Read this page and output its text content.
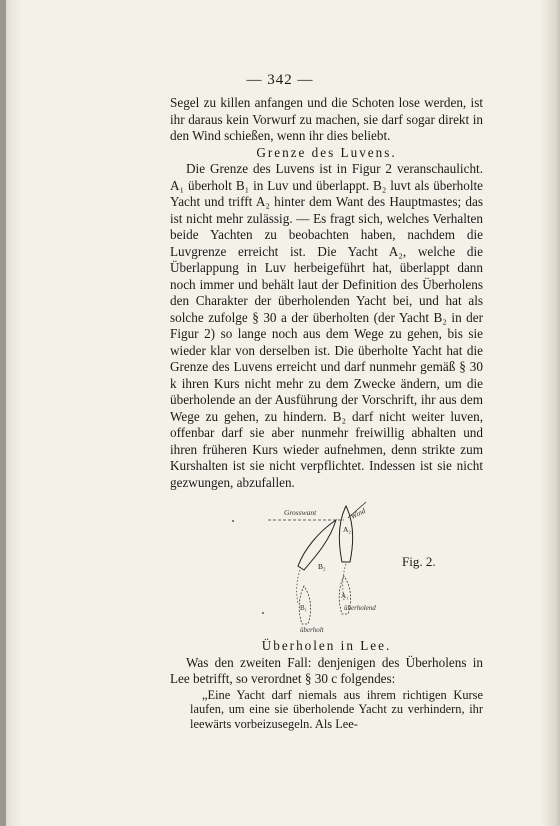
— 342 —

Segel zu killen anfangen und die Schoten lose werden, ist ihr daraus kein Vorwurf zu machen, sie darf sogar direkt in den Wind schießen, wenn ihr dies beliebt.

Grenze des Luvens.

Die Grenze des Luvens ist in Figur 2 veranschaulicht. A₁ überholt B₁ in Luv und überlappt. B₂ luvt als überholte Yacht und trifft A₂ hinter dem Want des Hauptmastes; das ist nicht mehr zulässig. — Es fragt sich, welches Verhalten beide Yachten zu beobachten haben, nachdem die Luvgrenze erreicht ist. Die Yacht A₂, welche die Überlappung in Luv herbeigeführt hat, überlappt dann noch immer und behält laut der Definition des Überholens den Charakter der überholenden Yacht bei, und hat als solche zufolge § 30 a der überholten (der Yacht B₂ in der Figur 2) so lange noch aus dem Wege zu gehen, bis sie wieder klar von derselben ist. Die überholte Yacht hat die Grenze des Luvens erreicht und darf nunmehr gemäß § 30 k ihren Kurs nicht mehr zu dem Zwecke ändern, um die überholende an der Ausführung der Vorschrift, ihr aus dem Wege zu gehen, zu hindern. B₂ darf nicht weiter luven, offenbar darf sie aber nunmehr freiwillig abhalten und ihren früheren Kurs wieder aufnehmen, denn strikte zum Kurshalten ist sie nicht verpflichtet. Indessen ist sie nicht gezwungen, abzufallen.

Grosswant	Wind
A₂
B₂
B₁
A₁
überholend
überholt
Fig. 2.

Überholen in Lee.

Was den zweiten Fall: denjenigen des Überholens in Lee betrifft, so verordnet § 30 c folgendes:

„Eine Yacht darf niemals aus ihrem richtigen Kurse laufen, um eine sie überholende Yacht zu verhindern, ihr leewärts vorbeizusegeln. Als Lee-
